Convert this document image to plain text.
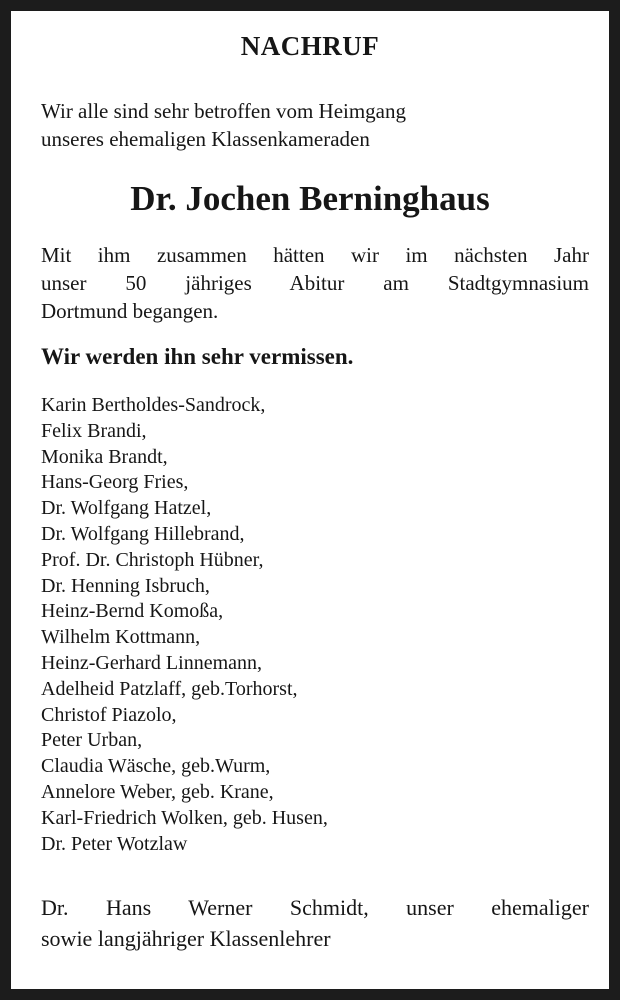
NACHRUF
Wir alle sind sehr betroffen vom Heimgang
unseres ehemaligen Klassenkameraden
Dr. Jochen Berninghaus
Mit ihm zusammen hätten wir im nächsten Jahr
unser 50 jähriges Abitur am Stadtgymnasium
Dortmund begangen.
Wir werden ihn sehr vermissen.
Karin Bertholdes-Sandrock,
Felix Brandi,
Monika Brandt,
Hans-Georg Fries,
Dr. Wolfgang Hatzel,
Dr. Wolfgang Hillebrand,
Prof. Dr. Christoph Hübner,
Dr. Henning Isbruch,
Heinz-Bernd Komoßa,
Wilhelm Kottmann,
Heinz-Gerhard Linnemann,
Adelheid Patzlaff, geb.Torhorst,
Christof Piazolo,
Peter Urban,
Claudia Wäsche, geb.Wurm,
Annelore Weber, geb. Krane,
Karl-Friedrich Wolken, geb. Husen,
Dr. Peter Wotzlaw
Dr. Hans Werner Schmidt, unser ehemaliger
sowie langjähriger Klassenlehrer
